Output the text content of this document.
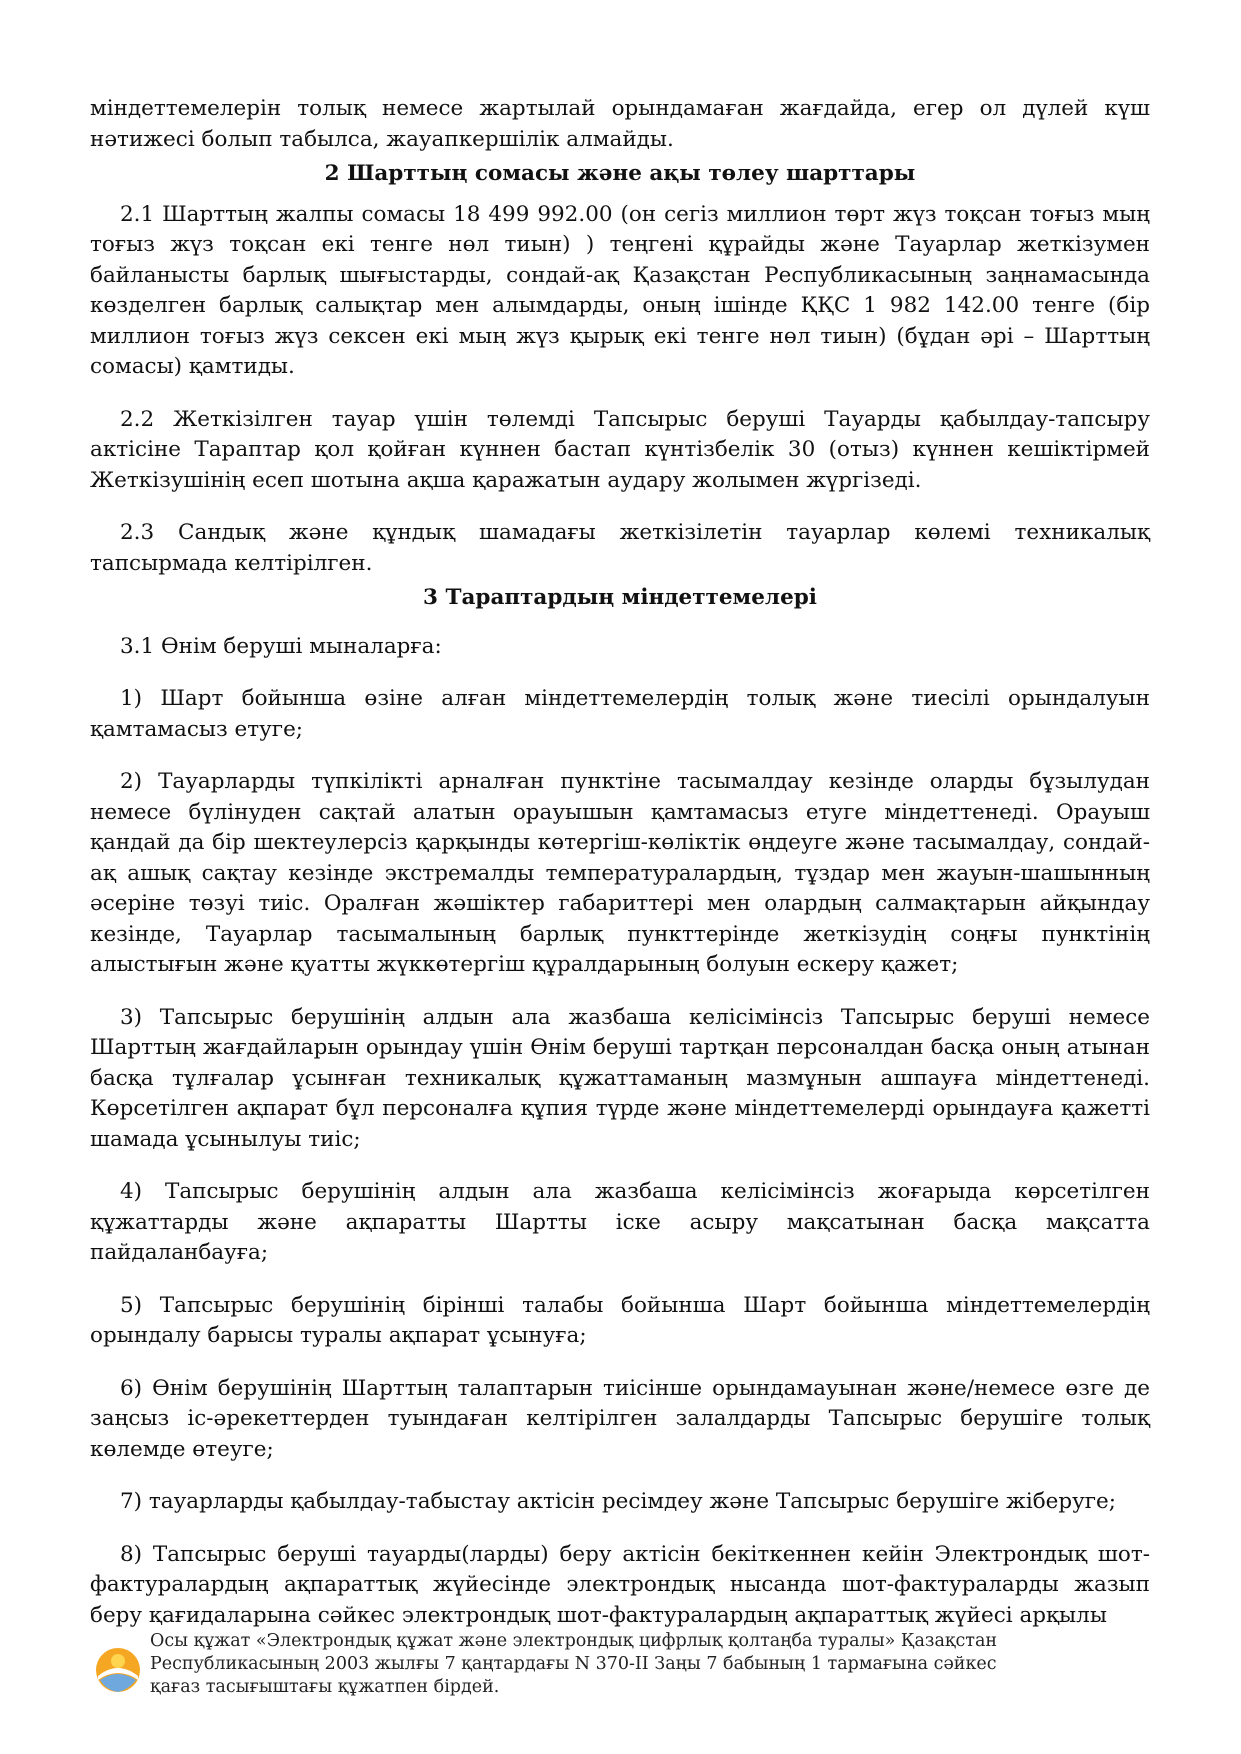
міндеттемелерін толық немесе жартылай орындамаған жағдайда, егер ол дүлей күш нәтижесі болып табылса, жауапкершілік алмайды.

2 Шарттың сомасы және ақы төлеу шарттары

2.1 Шарттың жалпы сомасы 18 499 992.00 (он сегіз миллион төрт жүз тоқсан тоғыз мың тоғыз жүз тоқсан екі тенге нөл тиын) ) теңгені құрайды және Тауарлар жеткізумен байланысты барлық шығыстарды, сондай-ақ Қазақстан Республикасының заңнамасында көзделген барлық салықтар мен алымдарды, оның ішінде ҚҚС 1 982 142.00 тенге (бір миллион тоғыз жүз сексен екі мың жүз қырық екі тенге нөл тиын) (бұдан әрі – Шарттың сомасы) қамтиды.

2.2 Жеткізілген тауар үшін төлемді Тапсырыс беруші Тауарды қабылдау-тапсыру актісіне Тараптар қол қойған күннен бастап күнтізбелік 30 (отыз) күннен кешіктірмей Жеткізушінің есеп шотына ақша қаражатын аудару жолымен жүргізеді.

2.3 Сандық және құндық шамадағы жеткізілетін тауарлар көлемі техникалық тапсырмада келтірілген.

3 Тараптардың міндеттемелері

3.1 Өнім беруші мыналарға:

1) Шарт бойынша өзіне алған міндеттемелердің толық және тиесілі орындалуын қамтамасыз етуге;

2) Тауарларды түпкілікті арналған пунктіне тасымалдау кезінде оларды бұзылудан немесе бүлінуден сақтай алатын орауышын қамтамасыз етуге міндеттенеді. Орауыш қандай да бір шектеулерсіз қарқынды көтергіш-көліктік өңдеуге және тасымалдау, сондай-ақ ашық сақтау кезінде экстремалды температуралардың, тұздар мен жауын-шашынның әсеріне төзуі тиіс. Оралған жәшіктер габариттері мен олардың салмақтарын айқындау кезінде, Тауарлар тасымалының барлық пункттерінде жеткізудің соңғы пунктінің алыстығын және қуатты жүккөтергіш құралдарының болуын ескеру қажет;

3) Тапсырыс берушінің алдын ала жазбаша келісімінсіз Тапсырыс беруші немесе Шарттың жағдайларын орындау үшін Өнім беруші тартқан персоналдан басқа оның атынан басқа тұлғалар ұсынған техникалық құжаттаманың мазмұнын ашпауға міндеттенеді. Көрсетілген ақпарат бұл персоналға құпия түрде және міндеттемелерді орындауға қажетті шамада ұсынылуы тиіс;

4) Тапсырыс берушінің алдын ала жазбаша келісімінсіз жоғарыда көрсетілген құжаттарды және ақпаратты Шартты іске асыру мақсатынан басқа мақсатта пайдаланбауға;

5) Тапсырыс берушінің бірінші талабы бойынша Шарт бойынша міндеттемелердің орындалу барысы туралы ақпарат ұсынуға;

6) Өнім берушінің Шарттың талаптарын тиісінше орындамауынан және/немесе өзге де заңсыз іс-әрекеттерден туындаған келтірілген залалдарды Тапсырыс берушіге толық көлемде өтеуге;

7) тауарларды қабылдау-табыстау актісін ресімдеу және Тапсырыс берушіге жіберуге;

8) Тапсырыс беруші тауарды(ларды) беру актісін бекіткеннен кейін Электрондық шот-фактуралардың ақпараттық жүйесінде электрондық нысанда шот-фактураларды жазып беру қағидаларына сәйкес электрондық шот-фактуралардың ақпараттық жүйесі арқылы

Осы құжат «Электрондық құжат және электрондық цифрлық қолтаңба туралы» Қазақстан Республикасының 2003 жылғы 7 қаңтардағы N 370-II Заңы 7 бабының 1 тармағына сәйкес қағаз тасығыштағы құжатпен бірдей.
